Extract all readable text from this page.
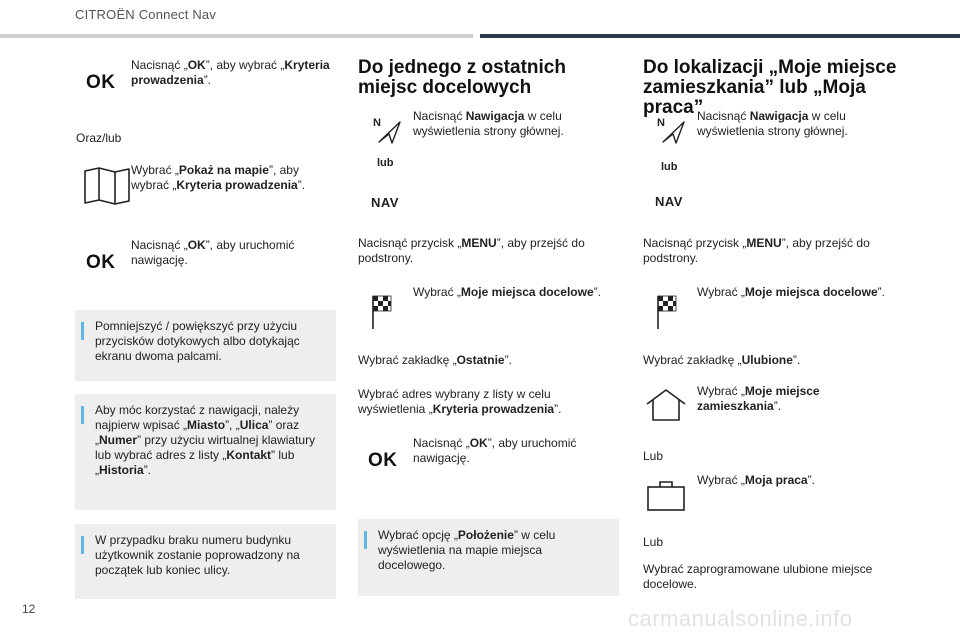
CITROËN Connect Nav
OK
Nacisnąć „OK”, aby wybrać „Kryteria prowadzenia”.
Oraz/lub
Wybrać „Pokaż na mapie”, aby wybrać „Kryteria prowadzenia”.
OK
Nacisnąć „OK”, aby uruchomić nawigację.
Pomniejszyć / powiększyć przy użyciu przycisków dotykowych albo dotykając ekranu dwoma palcami.
Aby móc korzystać z nawigacji, należy najpierw wpisać „Miasto”, „Ulica” oraz „Numer” przy użyciu wirtualnej klawiatury lub wybrać adres z listy „Kontakt” lub „Historia”.
W przypadku braku numeru budynku użytkownik zostanie poprowadzony na początek lub koniec ulicy.
Do jednego z ostatnich miejsc docelowych
N	Nacisnąć Nawigacja w celu wyświetlenia strony głównej.
lub
NAV
Nacisnąć przycisk „MENU”, aby przejść do podstrony.
Wybrać „Moje miejsca docelowe”.
Wybrać zakładkę „Ostatnie”.
Wybrać adres wybrany z listy w celu wyświetlenia „Kryteria prowadzenia”.
OK
Nacisnąć „OK”, aby uruchomić nawigację.
Wybrać opcję „Położenie” w celu wyświetlenia na mapie miejsca docelowego.
Do lokalizacji „Moje miejsce zamieszkania” lub „Moja praca”
N	Nacisnąć Nawigacja w celu wyświetlenia strony głównej.
lub
NAV
Nacisnąć przycisk „MENU”, aby przejść do podstrony.
Wybrać „Moje miejsca docelowe”.
Wybrać zakładkę „Ulubione”.
Wybrać „Moje miejsce zamieszkania”.
Lub
Wybrać „Moja praca”.
Lub
Wybrać zaprogramowane ulubione miejsce docelowe.
12	carmanualsonline.info
